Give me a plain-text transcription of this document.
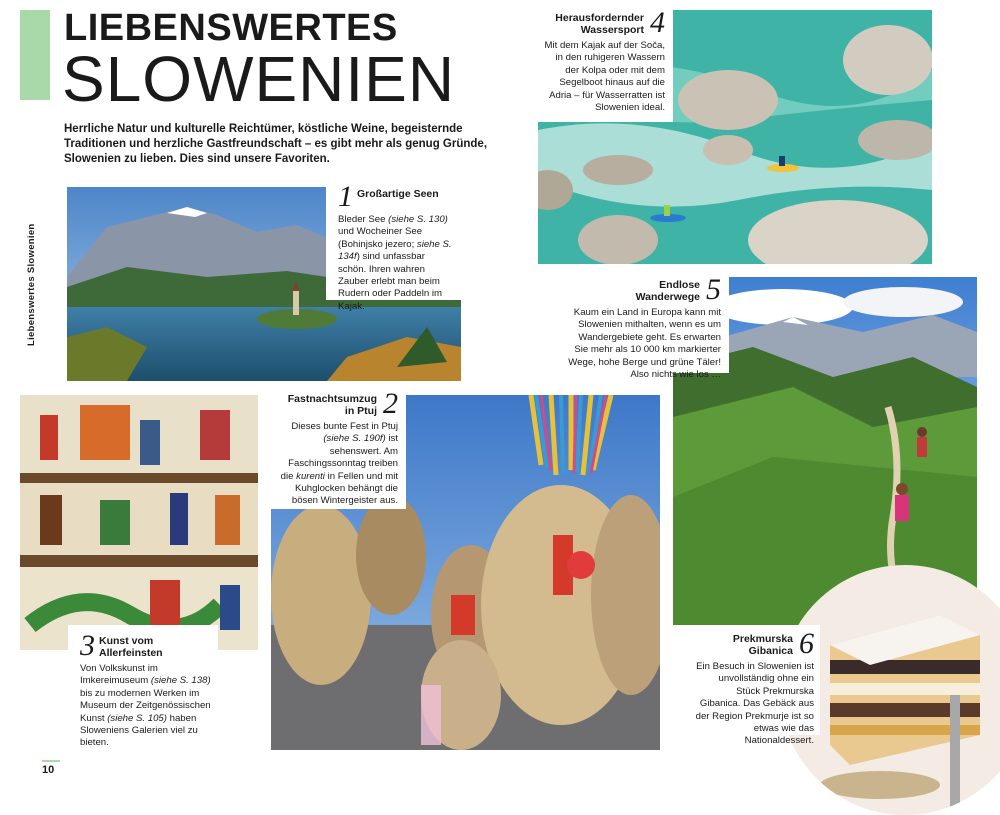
Liebenswertes Slowenien
LIEBENSWERTES
SLOWENIEN
Herrliche Natur und kulturelle Reichtümer, köstliche Weine, begeisternde Traditionen und herzliche Gastfreundschaft – es gibt mehr als genug Gründe, Slowenien zu lieben. Dies sind unsere Favoriten.
1 Großartige Seen
Bleder See (siehe S. 130) und Wocheiner See (Bohinjsko jezero; siehe S. 134f) sind unfassbar schön. Ihren wahren Zauber erlebt man beim Rudern oder Paddeln im Kajak.
Herausfordernder Wassersport 4
Mit dem Kajak auf der Soča, in den ruhigeren Wassern der Kolpa oder mit dem Segelboot hinaus auf die Adria – für Wasserratten ist Slowenien ideal.
Endlose Wanderwege 5
Kaum ein Land in Europa kann mit Slowenien mithalten, wenn es um Wandergebiete geht. Es erwarten Sie mehr als 10 000 km markierter Wege, hohe Berge und grüne Täler! Also nichts wie los …
3 Kunst vom Allerfeinsten
Von Volkskunst im Imkereimuseum (siehe S. 138) bis zu modernen Werken im Museum der Zeitgenössischen Kunst (siehe S. 105) haben Sloweniens Galerien viel zu bieten.
Fastnachtsumzug in Ptuj 2
Dieses bunte Fest in Ptuj (siehe S. 190f) ist sehenswert. Am Faschingssonntag treiben die kurenti in Fellen und mit Kuhglocken behängt die bösen Wintergeister aus.
Prekmurska Gibanica 6
Ein Besuch in Slowenien ist unvollständig ohne ein Stück Prekmurska Gibanica. Das Gebäck aus der Region Prekmurje ist so etwas wie das Nationaldessert.
10
